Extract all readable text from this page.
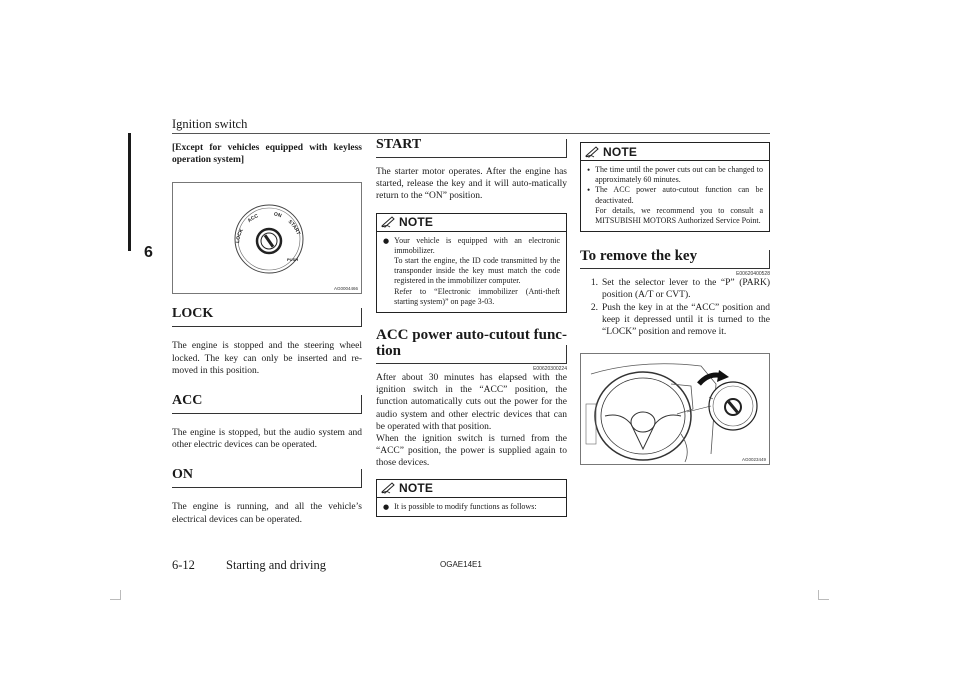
Ignition switch
6

[Except for vehicles equipped with keyless operation system]

LOCK
ACC	ON
START
PUSH
AG0004466
LOCK

The engine is stopped and the steering wheel locked. The key can only be inserted and re-moved in this position.

ACC

The engine is stopped, but the audio system and other electric devices can be operated.

ON

The engine is running, and all the vehicle’s electrical devices can be operated.

START

The starter motor operates. After the engine has started, release the key and it will auto-matically return to the “ON” position.

NOTE
● Your vehicle is equipped with an electronic immobilizer.
To start the engine, the ID code transmitted by the transponder inside the key must match the code registered in the immobilizer computer.
Refer to “Electronic immobilizer (Anti-theft starting system)” on page 3-03.
ACC power auto-cutout func-tion
E00620300224

After about 30 minutes has elapsed with the ignition switch in the “ACC” position, the function automatically cuts out the power for the audio system and other electric devices that can be operated with that position.

When the ignition switch is turned from the “ACC” position, the power is supplied again to those devices.

NOTE
● It is possible to modify functions as follows:
NOTE
• The time until the power cuts out can be changed to approximately 60 minutes.
• The ACC power auto-cutout function can be deactivated.
For details, we recommend you to consult a MITSUBISHI MOTORS Authorized Service Point.
To remove the key
E00620400528
1. Set the selector lever to the “P” (PARK) position (A/T or CVT).
2. Push the key in at the “ACC” position and keep it depressed until it is turned to the “LOCK” position and remove it.
AG0023449
6-12 Starting and driving	OGAE14E1
